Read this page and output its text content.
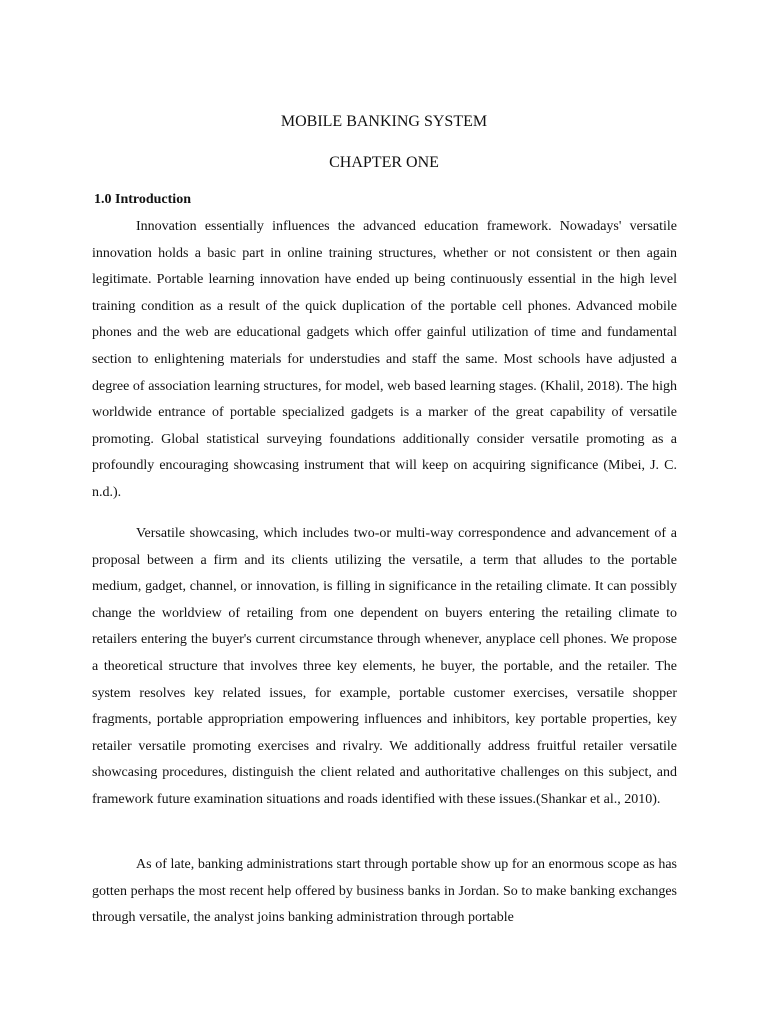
MOBILE BANKING SYSTEM
CHAPTER ONE
1.0 Introduction

Innovation essentially influences the advanced education framework. Nowadays' versatile innovation holds a basic part in online training structures, whether or not consistent or then again legitimate. Portable learning innovation have ended up being continuously essential in the high level training condition as a result of the quick duplication of the portable cell phones. Advanced mobile phones and the web are educational gadgets which offer gainful utilization of time and fundamental section to enlightening materials for understudies and staff the same. Most schools have adjusted a degree of association learning structures, for model, web based learning stages. (Khalil, 2018). The high worldwide entrance of portable specialized gadgets is a marker of the great capability of versatile promoting. Global statistical surveying foundations additionally consider versatile promoting as a profoundly encouraging showcasing instrument that will keep on acquiring significance (Mibei, J. C. n.d.).

Versatile showcasing, which includes two-or multi-way correspondence and advancement of a proposal between a firm and its clients utilizing the versatile, a term that alludes to the portable medium, gadget, channel, or innovation, is filling in significance in the retailing climate. It can possibly change the worldview of retailing from one dependent on buyers entering the retailing climate to retailers entering the buyer's current circumstance through whenever, anyplace cell phones. We propose a theoretical structure that involves three key elements, he buyer, the portable, and the retailer. The system resolves key related issues, for example, portable customer exercises, versatile shopper fragments, portable appropriation empowering influences and inhibitors, key portable properties, key retailer versatile promoting exercises and rivalry. We additionally address fruitful retailer versatile showcasing procedures, distinguish the client related and authoritative challenges on this subject, and framework future examination situations and roads identified with these issues.(Shankar et al., 2010).

As of late, banking administrations start through portable show up for an enormous scope as has gotten perhaps the most recent help offered by business banks in Jordan. So to make banking exchanges through versatile, the analyst joins banking administration through portable
